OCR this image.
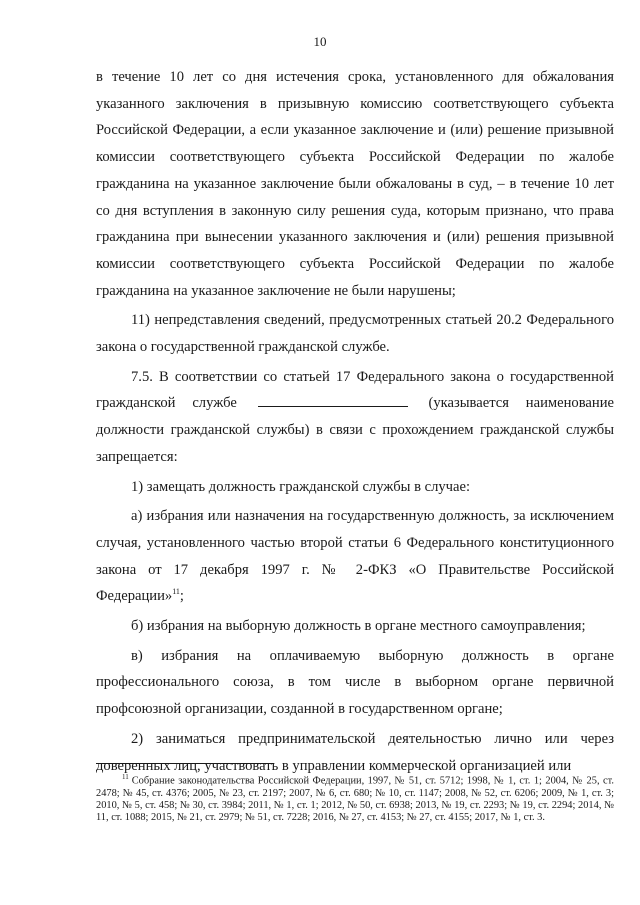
10

в течение 10 лет со дня истечения срока, установленного для обжалования указанного заключения в призывную комиссию соответствующего субъекта Российской Федерации, а если указанное заключение и (или) решение призывной комиссии соответствующего субъекта Российской Федерации по жалобе гражданина на указанное заключение были обжалованы в суд, – в течение 10 лет со дня вступления в законную силу решения суда, которым признано, что права гражданина при вынесении указанного заключения и (или) решения призывной комиссии соответствующего субъекта Российской Федерации по жалобе гражданина на указанное заключение не были нарушены;

11) непредставления сведений, предусмотренных статьей 20.2 Федерального закона о государственной гражданской службе.

7.5. В соответствии со статьей 17 Федерального закона о государственной гражданской службе	(указывается наименование должности гражданской службы) в связи с прохождением гражданской службы запрещается:

1) замещать должность гражданской службы в случае:

а) избрания или назначения на государственную должность, за исключением случая, установленного частью второй статьи 6 Федерального конституционного закона от 17 декабря 1997 г. № 2-ФКЗ «О Правительстве Российской Федерации»$^{11}$;

б) избрания на выборную должность в органе местного самоуправления;

в) избрания на оплачиваемую выборную должность в органе профессионального союза, в том числе в выборном органе первичной профсоюзной организации, созданной в государственном органе;

2) заниматься предпринимательской деятельностью лично или через доверенных лиц, участвовать в управлении коммерческой организацией или

$^{11}$ Собрание законодательства Российской Федерации, 1997, № 51, ст. 5712; 1998, № 1, ст. 1; 2004, № 25, ст. 2478; № 45, ст. 4376; 2005, № 23, ст. 2197; 2007, № 6, ст. 680; № 10, ст. 1147; 2008, № 52, ст. 6206; 2009, № 1, ст. 3; 2010, № 5, ст. 458; № 30, ст. 3984; 2011, № 1, ст. 1; 2012, № 50, ст. 6938; 2013, № 19, ст. 2293; № 19, ст. 2294; 2014, № 11, ст. 1088; 2015, № 21, ст. 2979; № 51, ст. 7228; 2016, № 27, ст. 4153; № 27, ст. 4155; 2017, № 1, ст. 3.
